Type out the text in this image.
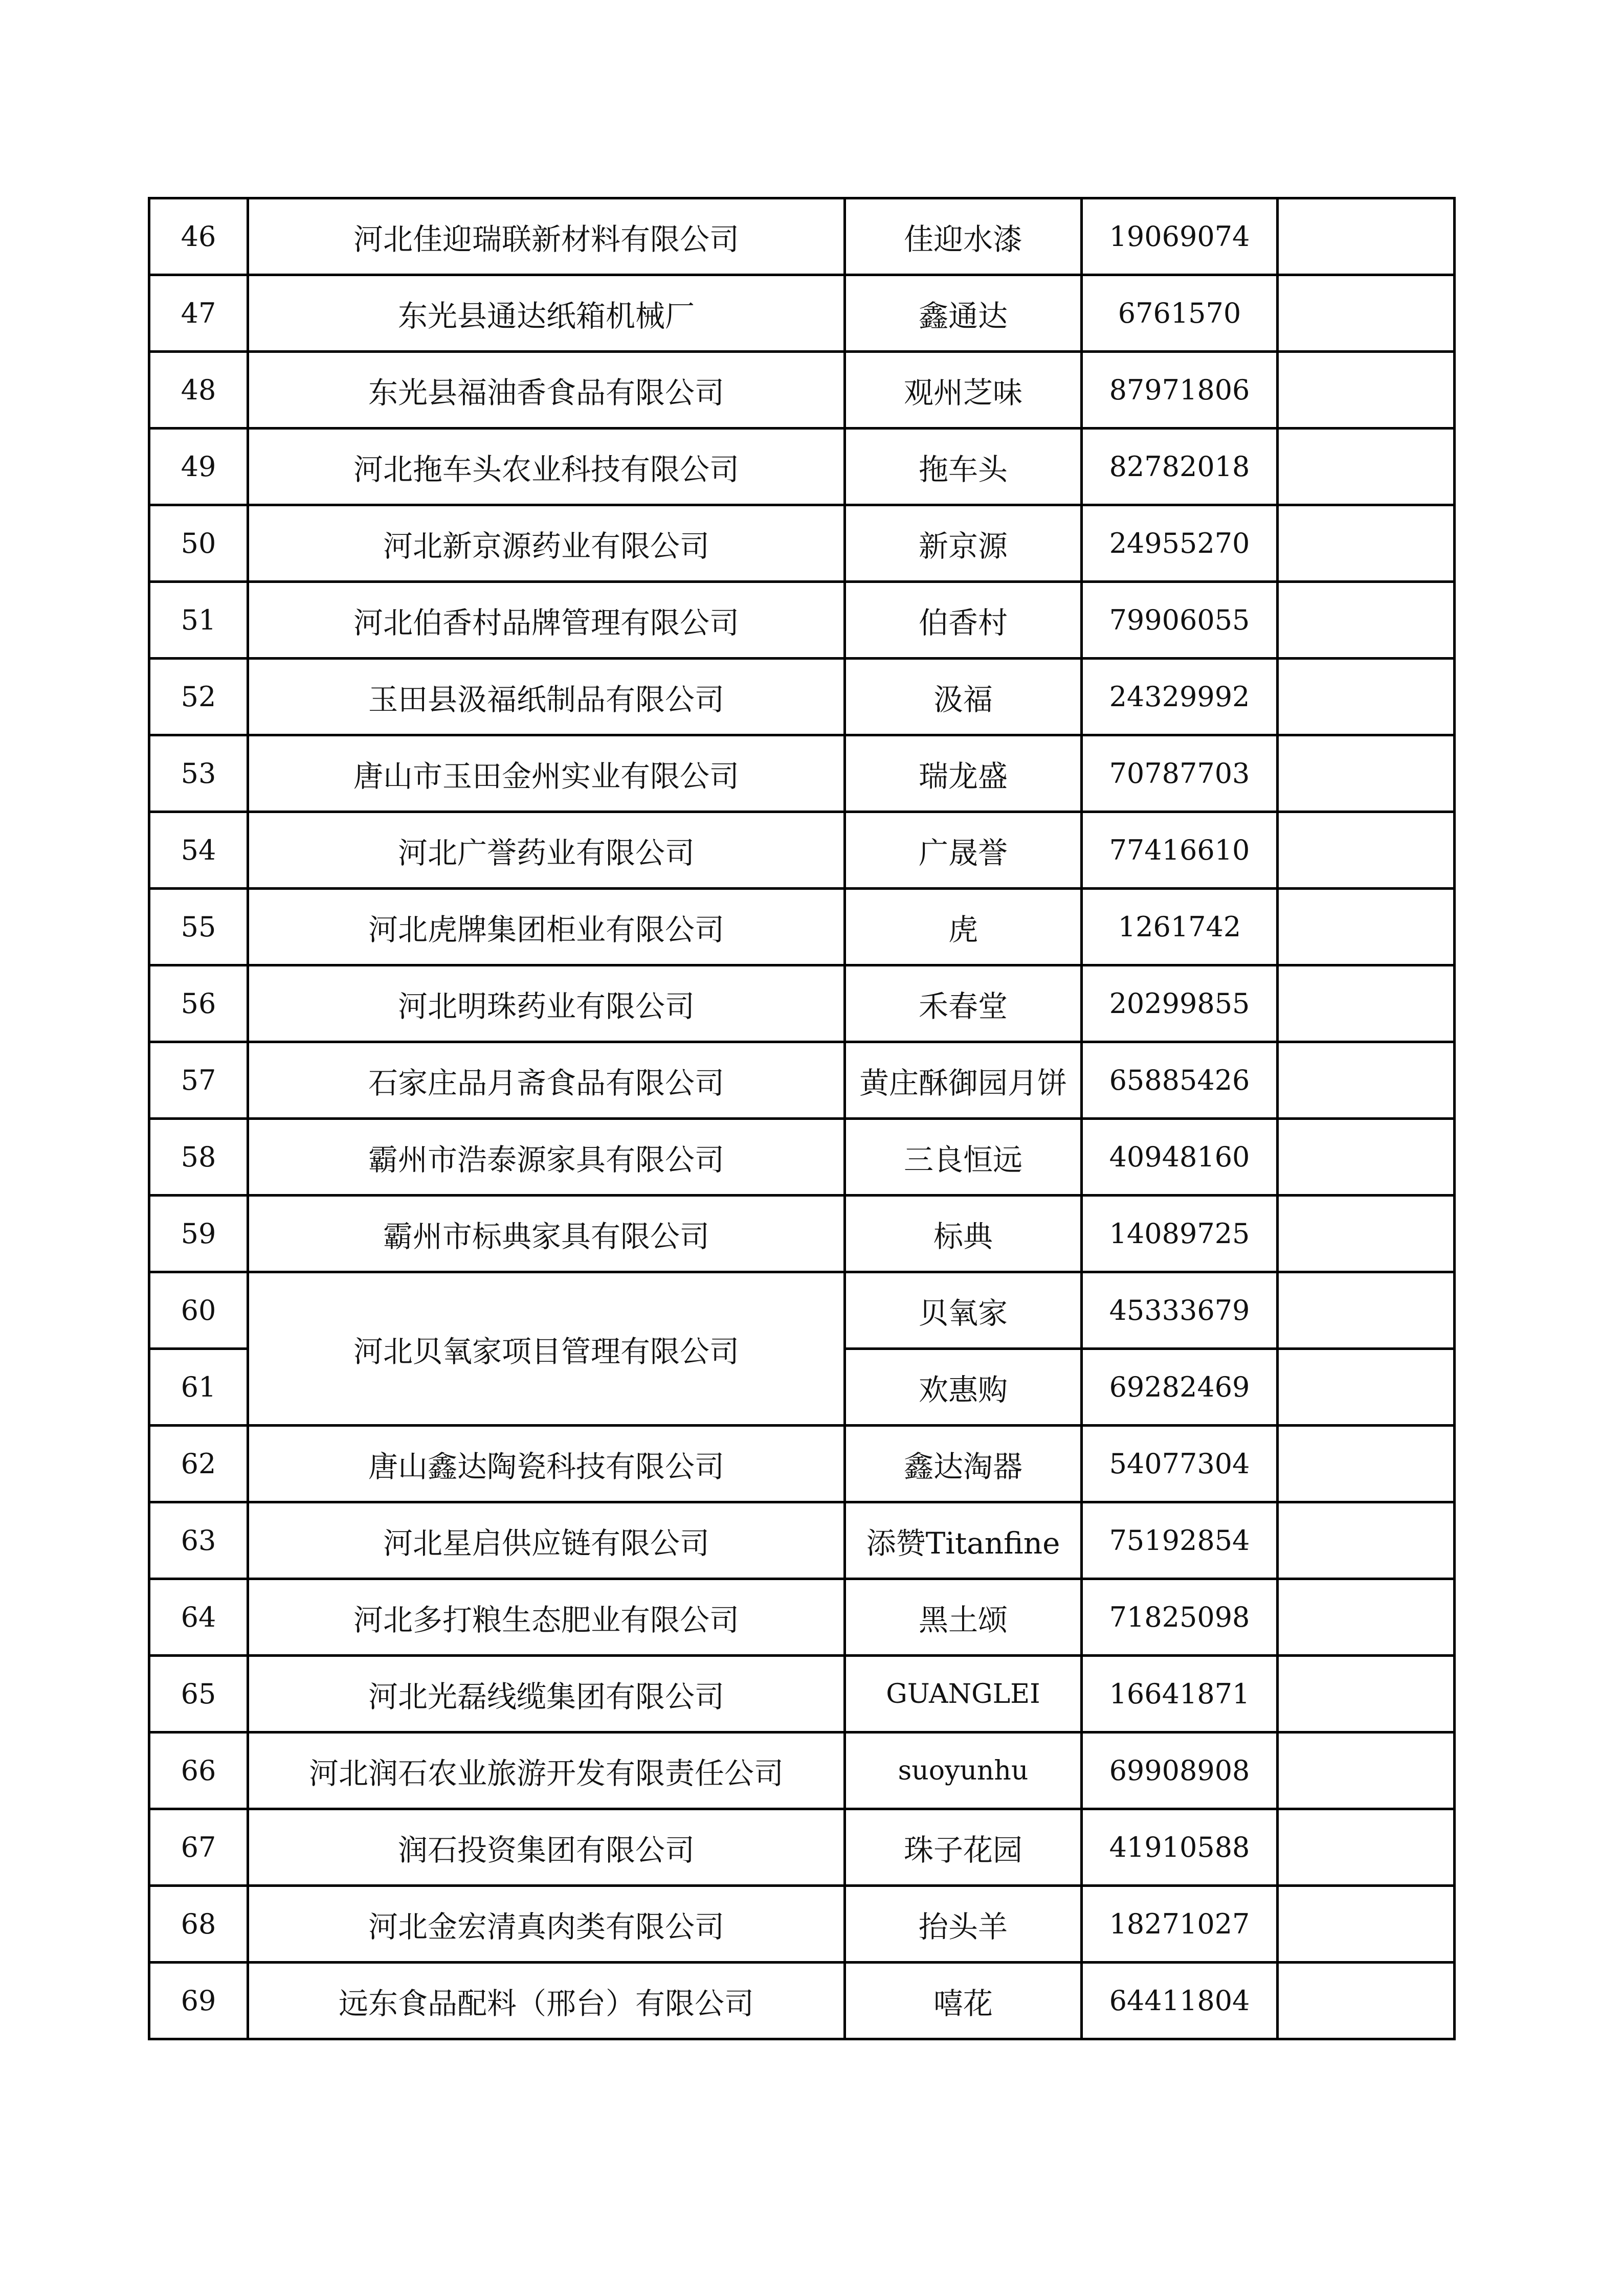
46	河北佳迎瑞联新材料有限公司	佳迎水漆	19069074	
47	东光县通达纸箱机械厂	鑫通达	6761570	
48	东光县福油香食品有限公司	观州芝味	87971806	
49	河北拖车头农业科技有限公司	拖车头	82782018	
50	河北新京源药业有限公司	新京源	24955270	
51	河北伯香村品牌管理有限公司	伯香村	79906055	
52	玉田县汲福纸制品有限公司	汲福	24329992	
53	唐山市玉田金州实业有限公司	瑞龙盛	70787703	
54	河北广誉药业有限公司	广晟誉	77416610	
55	河北虎牌集团柜业有限公司	虎	1261742	
56	河北明珠药业有限公司	禾春堂	20299855	
57	石家庄品月斋食品有限公司	黄庄酥御园月饼	65885426	
58	霸州市浩泰源家具有限公司	三良恒远	40948160	
59	霸州市标典家具有限公司	标典	14089725	
60	河北贝氧家项目管理有限公司	贝氧家	45333679	
61		欢惠购	69282469	
62	唐山鑫达陶瓷科技有限公司	鑫达淘器	54077304	
63	河北星启供应链有限公司	添赞Titanfine	75192854	
64	河北多打粮生态肥业有限公司	黑土颂	71825098	
65	河北光磊线缆集团有限公司	GUANGLEI	16641871	
66	河北润石农业旅游开发有限责任公司	suoyunhu	69908908	
67	润石投资集团有限公司	珠子花园	41910588	
68	河北金宏清真肉类有限公司	抬头羊	18271027	
69	远东食品配料（邢台）有限公司	嘻花	64411804	
